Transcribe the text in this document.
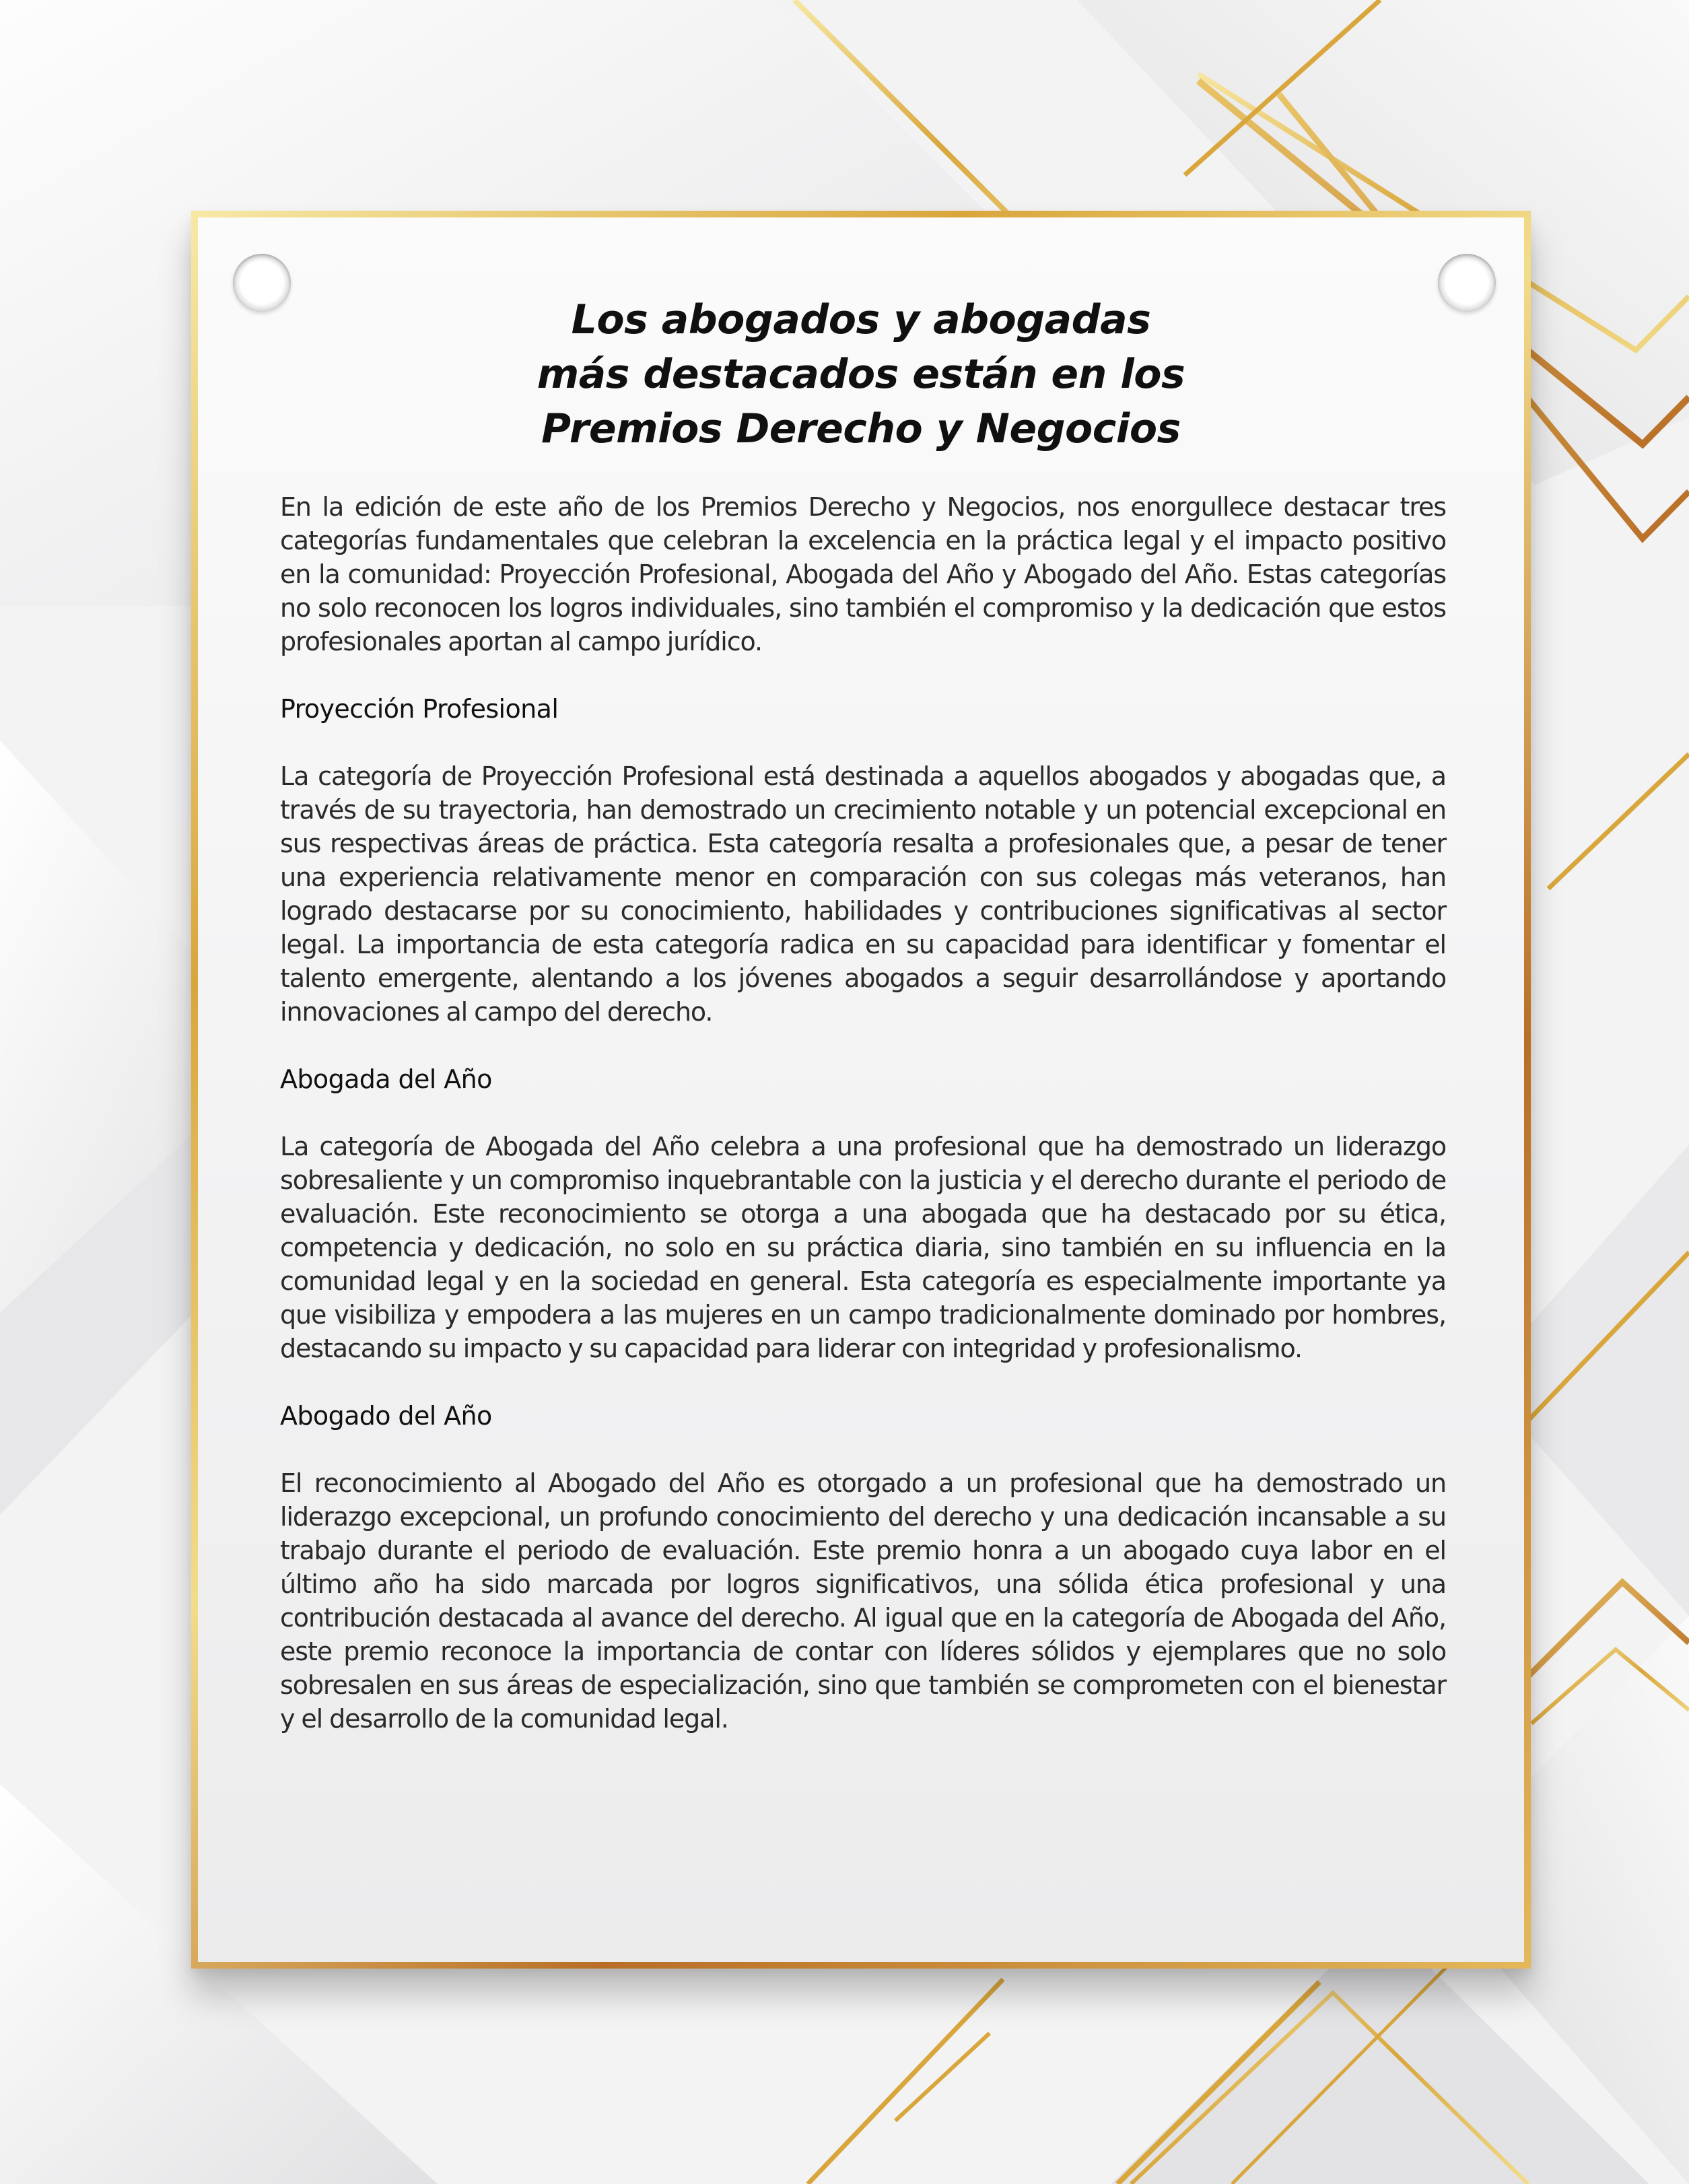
Los abogados y abogadas
más destacados están en los
Premios Derecho y Negocios

En la edición de este año de los Premios Derecho y Negocios, nos enorgullece destacar tres categorías fundamentales que celebran la excelencia en la práctica legal y el impacto positivo en la comunidad: Proyección Profesional, Abogada del Año y Abogado del Año. Estas categorías no solo reconocen los logros individuales, sino también el compromiso y la dedicación que estos profesionales aportan al campo jurídico.

Proyección Profesional

La categoría de Proyección Profesional está destinada a aquellos abogados y abogadas que, a través de su trayectoria, han demostrado un crecimiento notable y un potencial excepcional en sus respectivas áreas de práctica. Esta categoría resalta a profesionales que, a pesar de tener una experiencia relativamente menor en comparación con sus colegas más veteranos, han logrado destacarse por su conocimiento, habilidades y contribuciones significativas al sector legal. La importancia de esta categoría radica en su capacidad para identificar y fomentar el talento emergente, alentando a los jóvenes abogados a seguir desarrollándose y aportando innovaciones al campo del derecho.

Abogada del Año

La categoría de Abogada del Año celebra a una profesional que ha demostrado un liderazgo sobresaliente y un compromiso inquebrantable con la justicia y el derecho durante el periodo de evaluación. Este reconocimiento se otorga a una abogada que ha destacado por su ética, competencia y dedicación, no solo en su práctica diaria, sino también en su influencia en la comunidad legal y en la sociedad en general. Esta categoría es especialmente importante ya que visibiliza y empodera a las mujeres en un campo tradicionalmente dominado por hombres, destacando su impacto y su capacidad para liderar con integridad y profesionalismo.

Abogado del Año

El reconocimiento al Abogado del Año es otorgado a un profesional que ha demostrado un liderazgo excepcional, un profundo conocimiento del derecho y una dedicación incansable a su trabajo durante el periodo de evaluación. Este premio honra a un abogado cuya labor en el último año ha sido marcada por logros significativos, una sólida ética profesional y una contribución destacada al avance del derecho. Al igual que en la categoría de Abogada del Año, este premio reconoce la importancia de contar con líderes sólidos y ejemplares que no solo sobresalen en sus áreas de especialización, sino que también se comprometen con el bienestar y el desarrollo de la comunidad legal.
